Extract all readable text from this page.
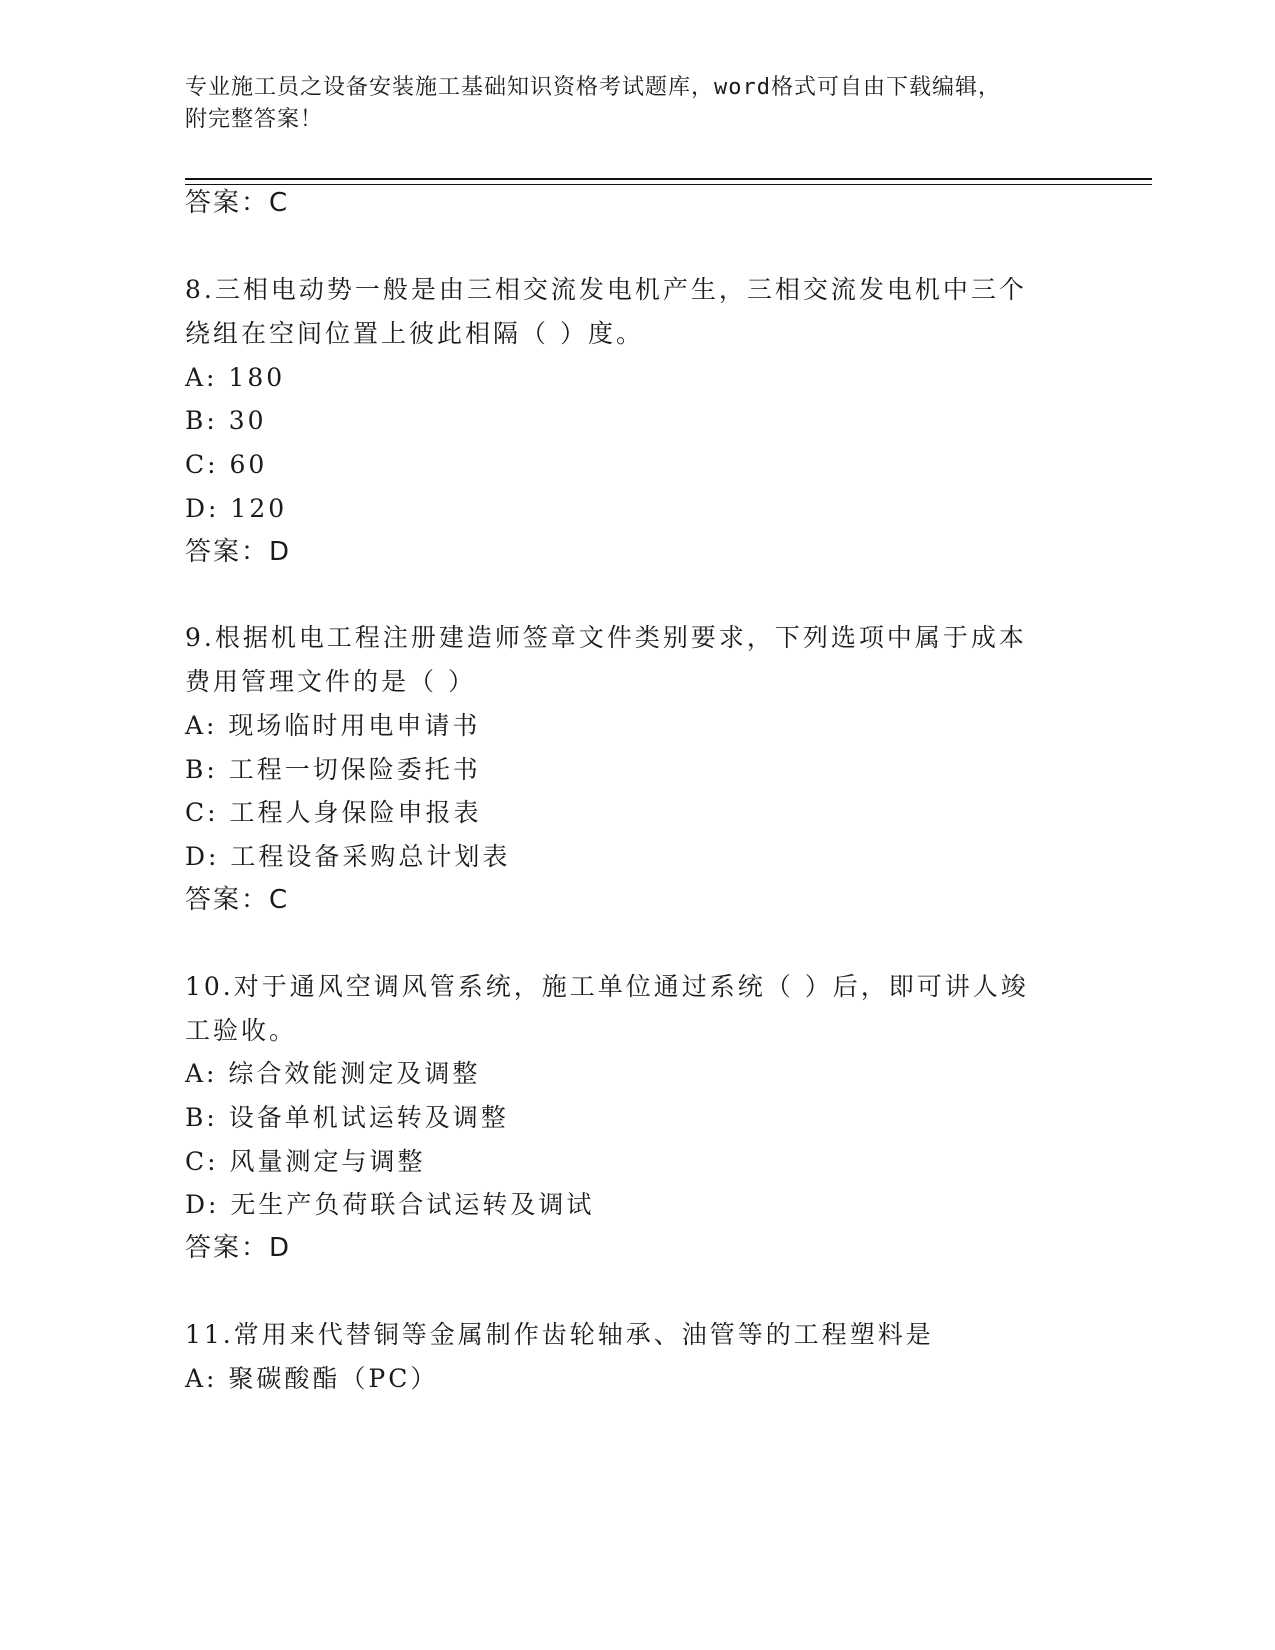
专业施工员之设备安装施工基础知识资格考试题库，word格式可自由下载编辑，
附完整答案！
答案：C
8.三相电动势一般是由三相交流发电机产生，三相交流发电机中三个
绕组在空间位置上彼此相隔（ ）度。
A: 180
B: 30
C: 60
D: 120
答案：D
9.根据机电工程注册建造师签章文件类别要求，下列选项中属于成本
费用管理文件的是（ ）
A: 现场临时用电申请书
B: 工程一切保险委托书
C: 工程人身保险申报表
D: 工程设备采购总计划表
答案：C
10.对于通风空调风管系统，施工单位通过系统（ ）后，即可讲人竣
工验收。
A: 综合效能测定及调整
B: 设备单机试运转及调整
C: 风量测定与调整
D: 无生产负荷联合试运转及调试
答案：D
11.常用来代替铜等金属制作齿轮轴承、油管等的工程塑料是
A: 聚碳酸酯（PC）
